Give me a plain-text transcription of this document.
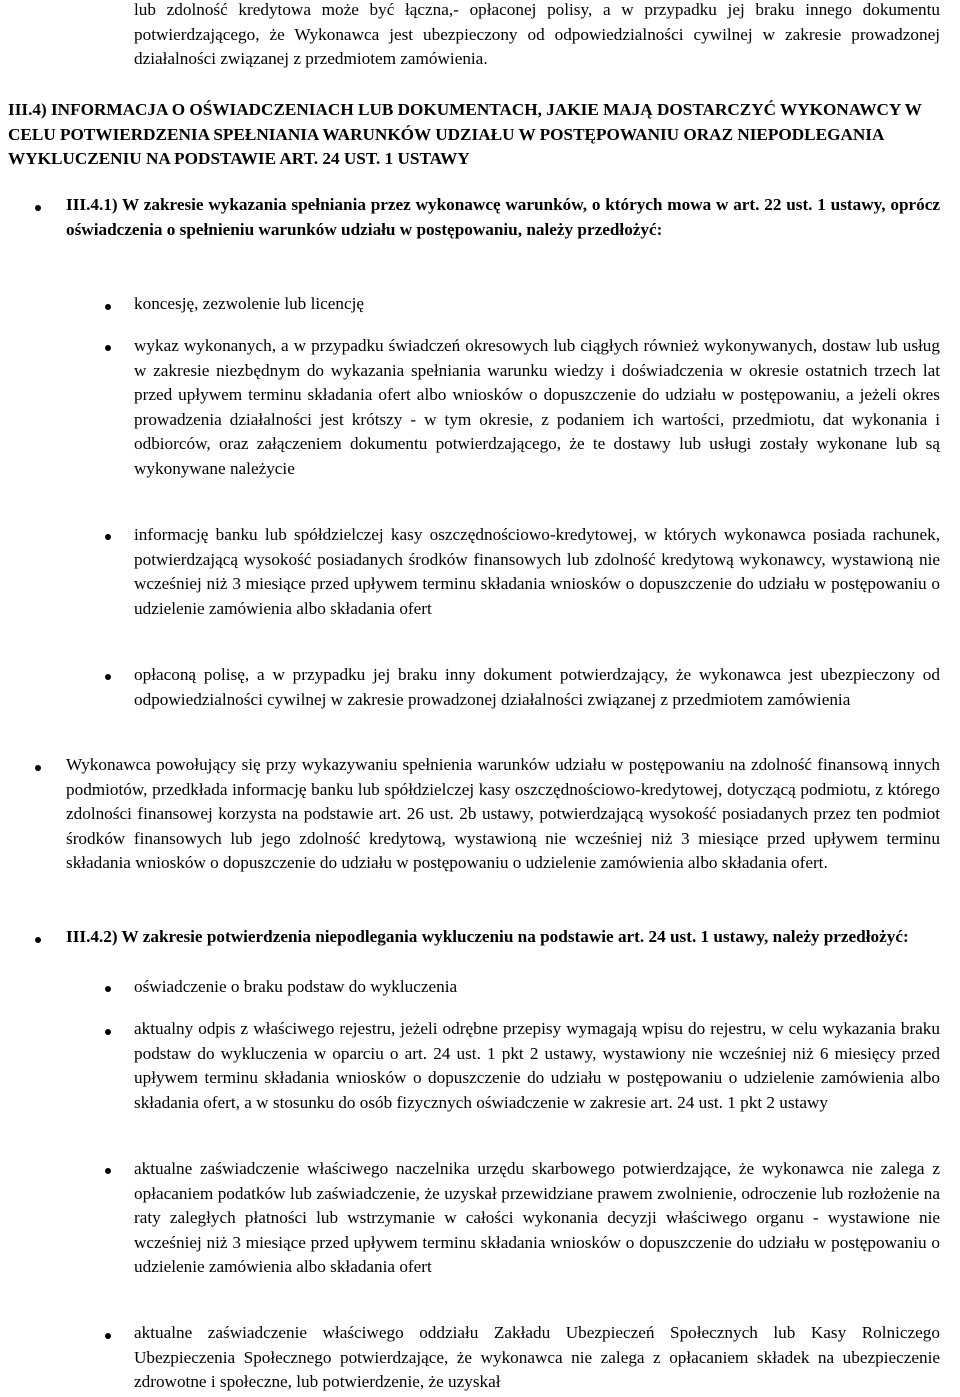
lub zdolność kredytowa może być łączna,- opłaconej polisy, a w przypadku jej braku innego dokumentu potwierdzającego, że Wykonawca jest ubezpieczony od odpowiedzialności cywilnej w zakresie prowadzonej działalności związanej z przedmiotem zamówienia.

III.4) INFORMACJA O OŚWIADCZENIACH LUB DOKUMENTACH, JAKIE MAJĄ DOSTARCZYĆ WYKONAWCY W CELU POTWIERDZENIA SPEŁNIANIA WARUNKÓW UDZIAŁU W POSTĘPOWANIU ORAZ NIEPODLEGANIA WYKLUCZENIU NA PODSTAWIE ART. 24 UST. 1 USTAWY

III.4.1) W zakresie wykazania spełniania przez wykonawcę warunków, o których mowa w art. 22 ust. 1 ustawy, oprócz oświadczenia o spełnieniu warunków udziału w postępowaniu, należy przedłożyć:

koncesję, zezwolenie lub licencję

wykaz wykonanych, a w przypadku świadczeń okresowych lub ciągłych również wykonywanych, dostaw lub usług w zakresie niezbędnym do wykazania spełniania warunku wiedzy i doświadczenia w okresie ostatnich trzech lat przed upływem terminu składania ofert albo wniosków o dopuszczenie do udziału w postępowaniu, a jeżeli okres prowadzenia działalności jest krótszy - w tym okresie, z podaniem ich wartości, przedmiotu, dat wykonania i odbiorców, oraz załączeniem dokumentu potwierdzającego, że te dostawy lub usługi zostały wykonane lub są wykonywane należycie

informację banku lub spółdzielczej kasy oszczędnościowo-kredytowej, w których wykonawca posiada rachunek, potwierdzającą wysokość posiadanych środków finansowych lub zdolność kredytową wykonawcy, wystawioną nie wcześniej niż 3 miesiące przed upływem terminu składania wniosków o dopuszczenie do udziału w postępowaniu o udzielenie zamówienia albo składania ofert

opłaconą polisę, a w przypadku jej braku inny dokument potwierdzający, że wykonawca jest ubezpieczony od odpowiedzialności cywilnej w zakresie prowadzonej działalności związanej z przedmiotem zamówienia

Wykonawca powołujący się przy wykazywaniu spełnienia warunków udziału w postępowaniu na zdolność finansową innych podmiotów, przedkłada informację banku lub spółdzielczej kasy oszczędnościowo-kredytowej, dotyczącą podmiotu, z którego zdolności finansowej korzysta na podstawie art. 26 ust. 2b ustawy, potwierdzającą wysokość posiadanych przez ten podmiot środków finansowych lub jego zdolność kredytową, wystawioną nie wcześniej niż 3 miesiące przed upływem terminu składania wniosków o dopuszczenie do udziału w postępowaniu o udzielenie zamówienia albo składania ofert.

III.4.2) W zakresie potwierdzenia niepodlegania wykluczeniu na podstawie art. 24 ust. 1 ustawy, należy przedłożyć:

oświadczenie o braku podstaw do wykluczenia

aktualny odpis z właściwego rejestru, jeżeli odrębne przepisy wymagają wpisu do rejestru, w celu wykazania braku podstaw do wykluczenia w oparciu o art. 24 ust. 1 pkt 2 ustawy, wystawiony nie wcześniej niż 6 miesięcy przed upływem terminu składania wniosków o dopuszczenie do udziału w postępowaniu o udzielenie zamówienia albo składania ofert, a w stosunku do osób fizycznych oświadczenie w zakresie art. 24 ust. 1 pkt 2 ustawy

aktualne zaświadczenie właściwego naczelnika urzędu skarbowego potwierdzające, że wykonawca nie zalega z opłacaniem podatków lub zaświadczenie, że uzyskał przewidziane prawem zwolnienie, odroczenie lub rozłożenie na raty zaległych płatności lub wstrzymanie w całości wykonania decyzji właściwego organu - wystawione nie wcześniej niż 3 miesiące przed upływem terminu składania wniosków o dopuszczenie do udziału w postępowaniu o udzielenie zamówienia albo składania ofert

aktualne zaświadczenie właściwego oddziału Zakładu Ubezpieczeń Społecznych lub Kasy Rolniczego Ubezpieczenia Społecznego potwierdzające, że wykonawca nie zalega z opłacaniem składek na ubezpieczenie zdrowotne i społeczne, lub potwierdzenie, że uzyskał
